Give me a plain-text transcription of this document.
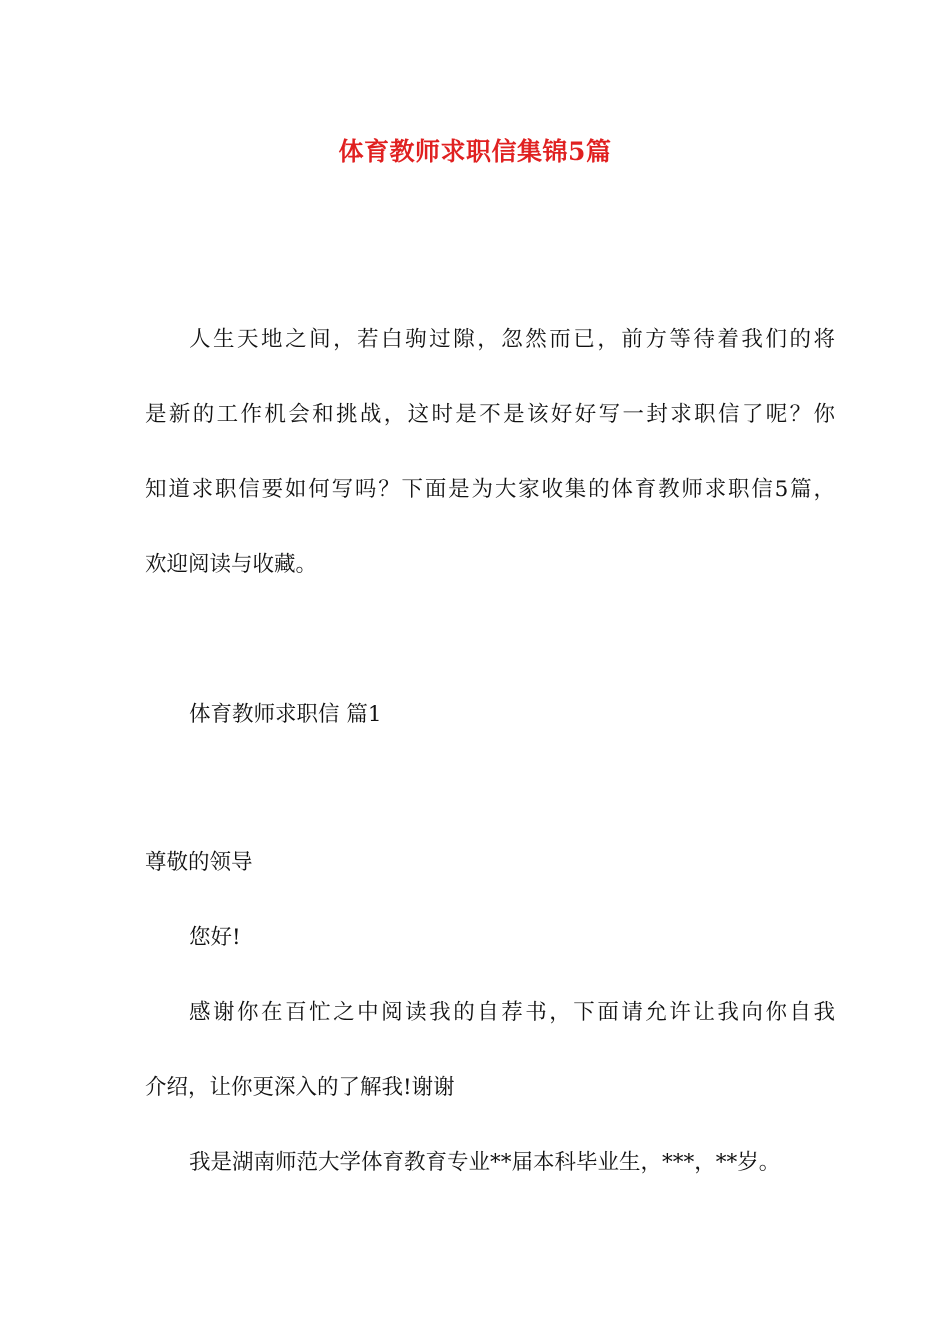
体育教师求职信集锦5篇
人生天地之间，若白驹过隙，忽然而已，前方等待着我们的将
是新的工作机会和挑战，这时是不是该好好写一封求职信了呢？你
知道求职信要如何写吗？下面是为大家收集的体育教师求职信5篇，
欢迎阅读与收藏。
体育教师求职信 篇1
尊敬的领导
您好!
感谢你在百忙之中阅读我的自荐书，下面请允许让我向你自我
介绍，让你更深入的了解我!谢谢
我是湖南师范大学体育教育专业**届本科毕业生，***，**岁。
